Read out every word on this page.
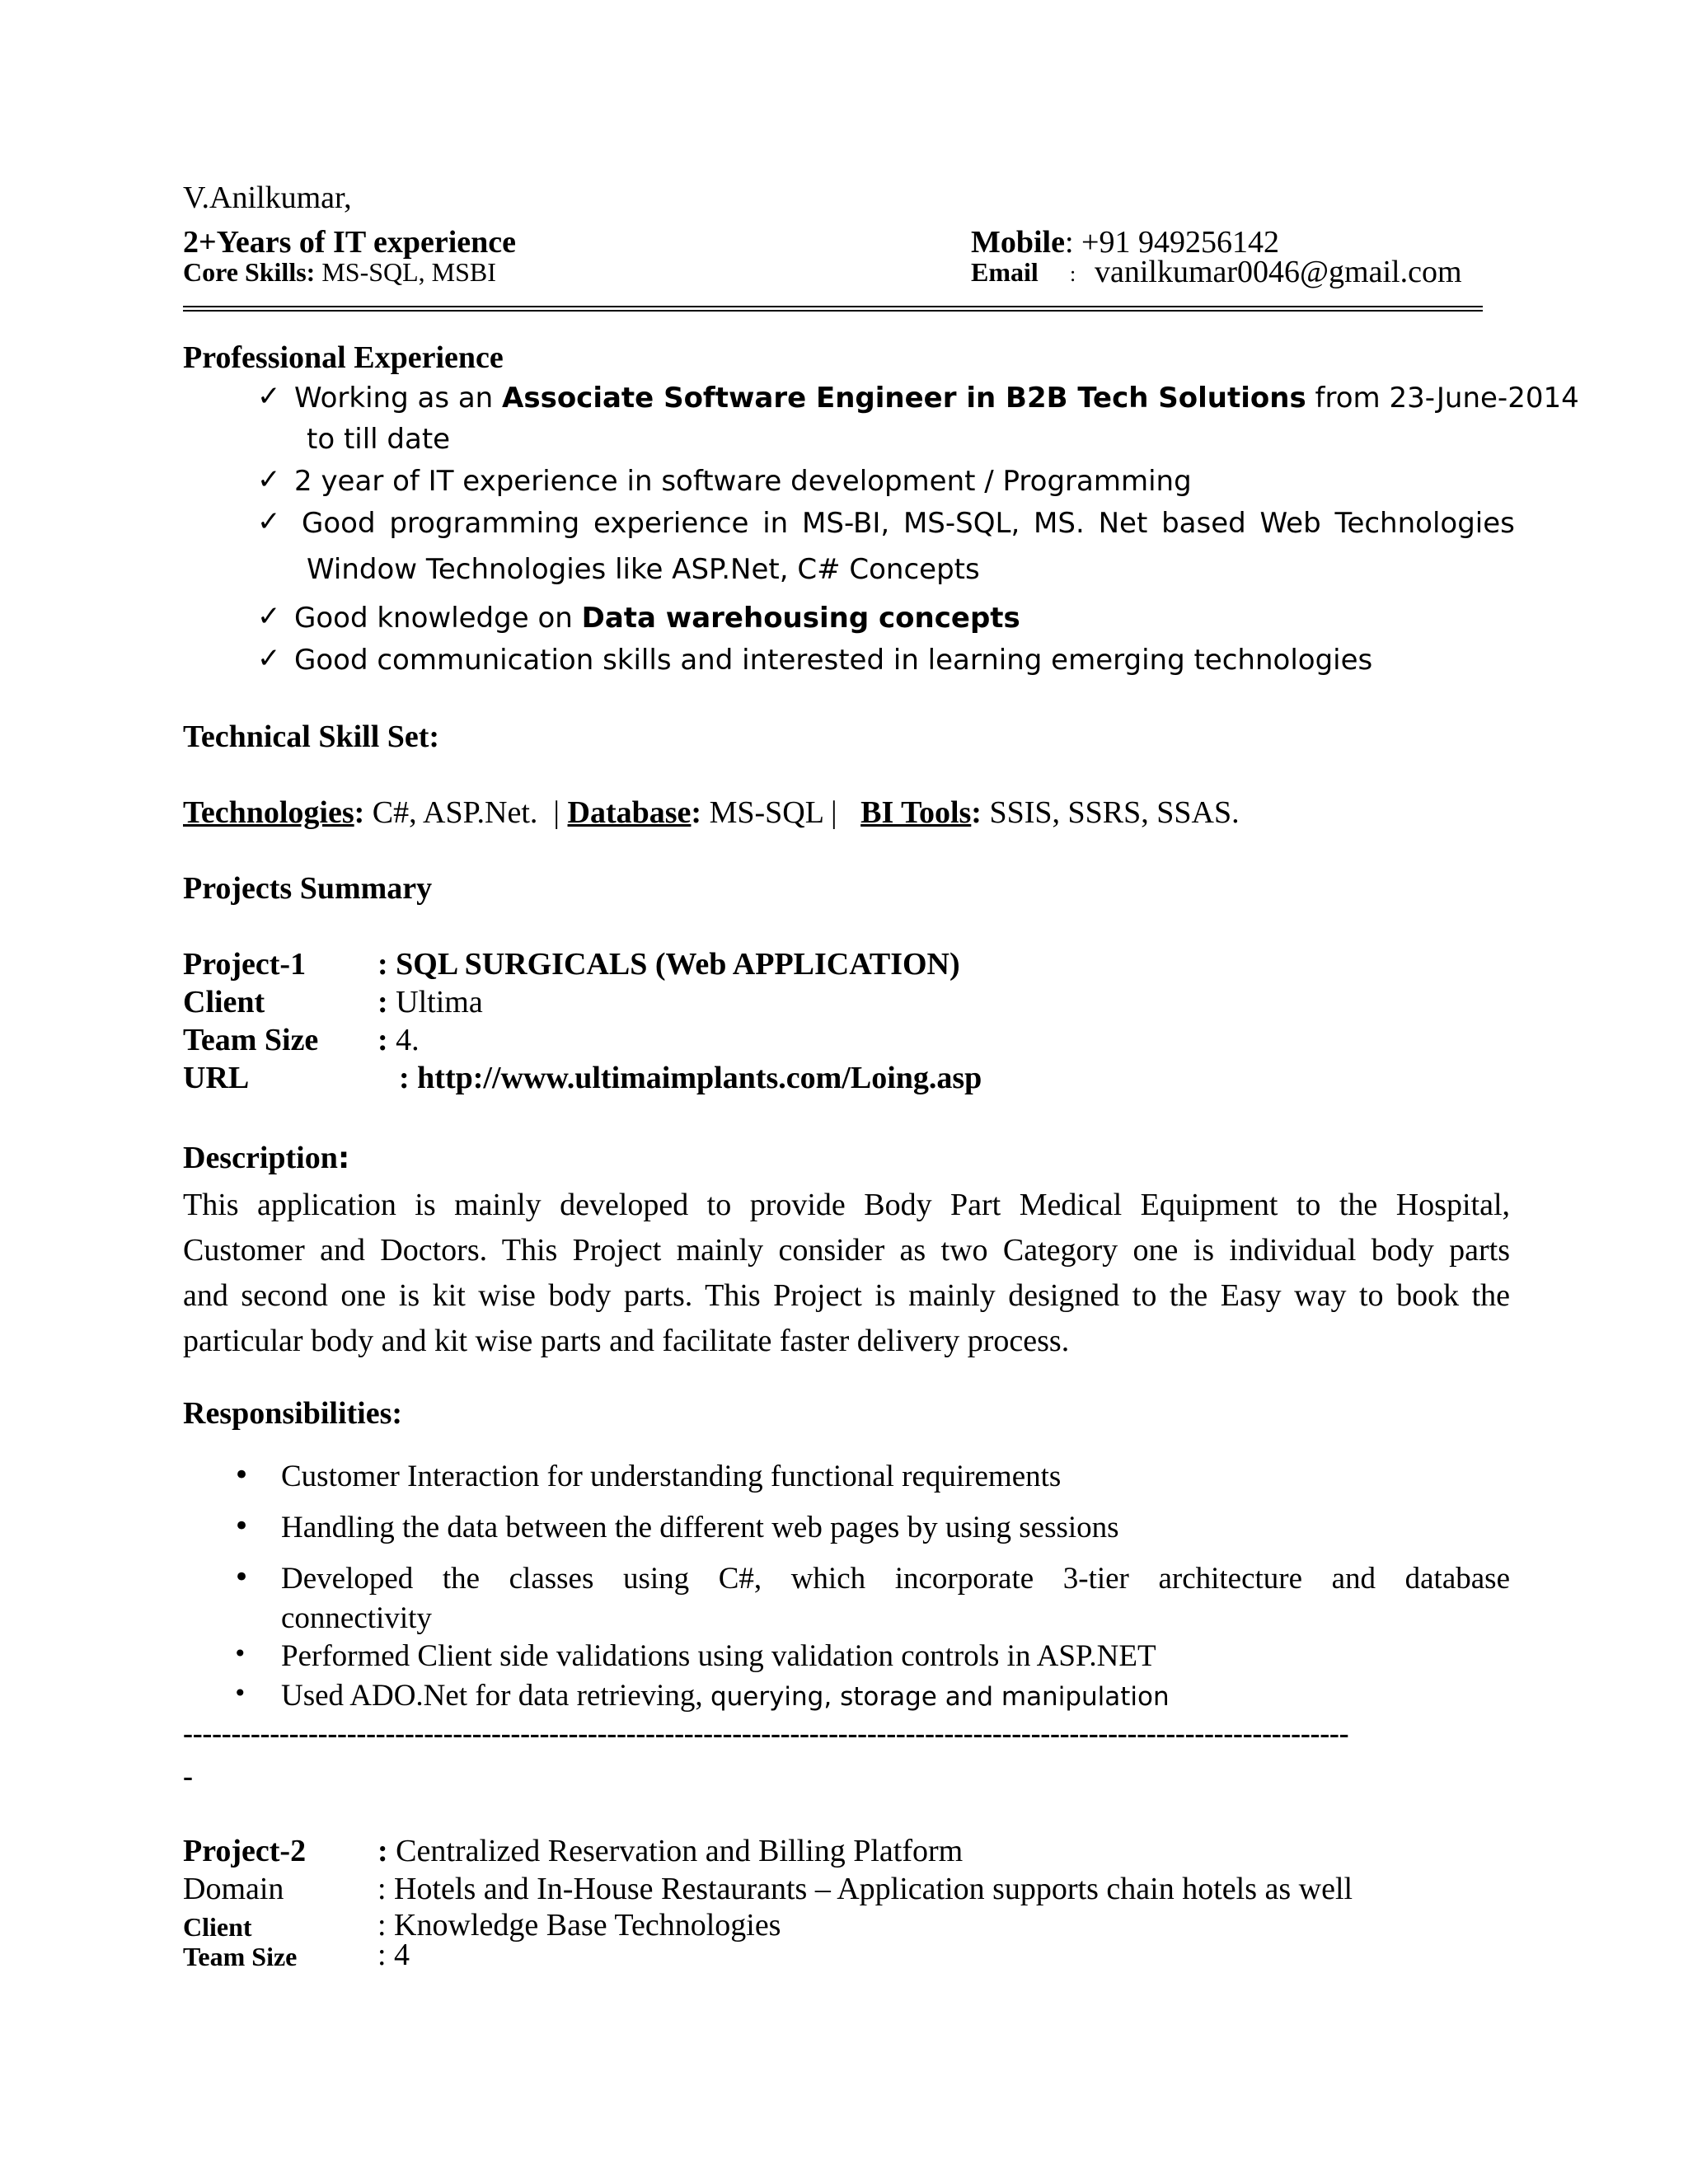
V.Anilkumar,
2+Years of IT experience
Core Skills: MS-SQL, MSBI
Mobile: +91 949256142
Email : vanilkumar0046@gmail.com
Professional Experience
✓ Working as an Associate Software Engineer in B2B Tech Solutions from 23-June-2014
to till date
✓ 2 year of IT experience in software development / Programming
✓ Good programming experience in MS-BI, MS-SQL, MS. Net based Web Technologies
Window Technologies like ASP.Net, C# Concepts
✓ Good knowledge on Data warehousing concepts
✓ Good communication skills and interested in learning emerging technologies
Technical Skill Set:
Technologies: C#, ASP.Net.  | Database: MS-SQL |   BI Tools: SSIS, SSRS, SSAS.
Projects Summary
Project-1 : SQL SURGICALS (Web APPLICATION)
Client	: Ultima
Team Size : 4.
URL	: http://www.ultimaimplants.com/Loing.asp
Description:
This application is mainly developed to provide Body Part Medical Equipment to the Hospital,
Customer and Doctors. This Project mainly consider as two Category one is individual body parts
and second one is kit wise body parts. This Project is mainly designed to the Easy way to book the
particular body and kit wise parts and facilitate faster delivery process.
Responsibilities:
• Customer Interaction for understanding functional requirements
• Handling the data between the different web pages by using sessions
• Developed the classes using C#, which incorporate 3-tier architecture and database
connectivity
• Performed Client side validations using validation controls in ASP.NET
• Used ADO.Net for data retrieving, querying, storage and manipulation
-------------------------------------------------------------------------------------------------------------------------
-
Project-2 : Centralized Reservation and Billing Platform
Domain	: Hotels and In-House Restaurants – Application supports chain hotels as well
Client	: Knowledge Base Technologies
Team Size	: 4
